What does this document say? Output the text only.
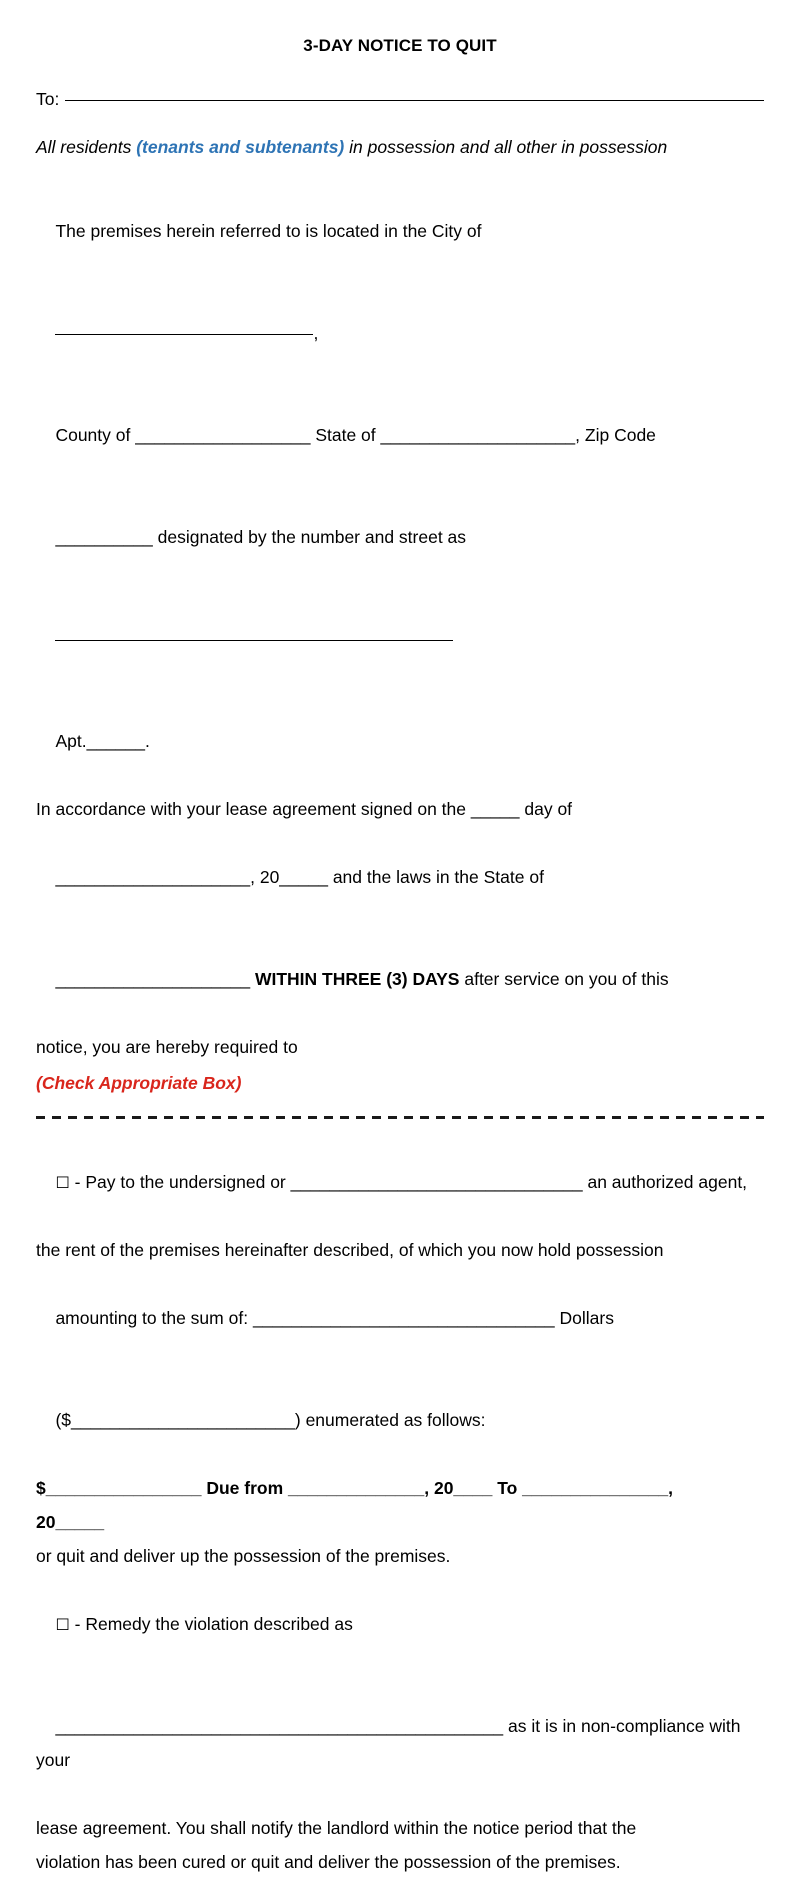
3-DAY NOTICE TO QUIT
To:
All residents (tenants and subtenants) in possession and all other in possession

The premises herein referred to is located in the City of

,

County of __________________ State of ____________________, Zip Code

__________ designated by the number and street as

Apt.______.

In accordance with your lease agreement signed on the _____ day of

____________________, 20_____ and the laws in the State of

____________________ WITHIN THREE (3) DAYS after service on you of this

notice, you are hereby required to
(Check Appropriate Box)

☐ - Pay to the undersigned or ______________________________ an authorized agent,

the rent of the premises hereinafter described, of which you now hold possession

amounting to the sum of: _______________________________ Dollars

($_______________________) enumerated as follows:

$________________ Due from ______________, 20____ To _______________,
20_____
or quit and deliver up the possession of the premises.

☐ - Remedy the violation described as

______________________________________________ as it is in non-compliance with your

lease agreement. You shall notify the landlord within the notice period that the
violation has been cured or quit and deliver the possession of the premises.
